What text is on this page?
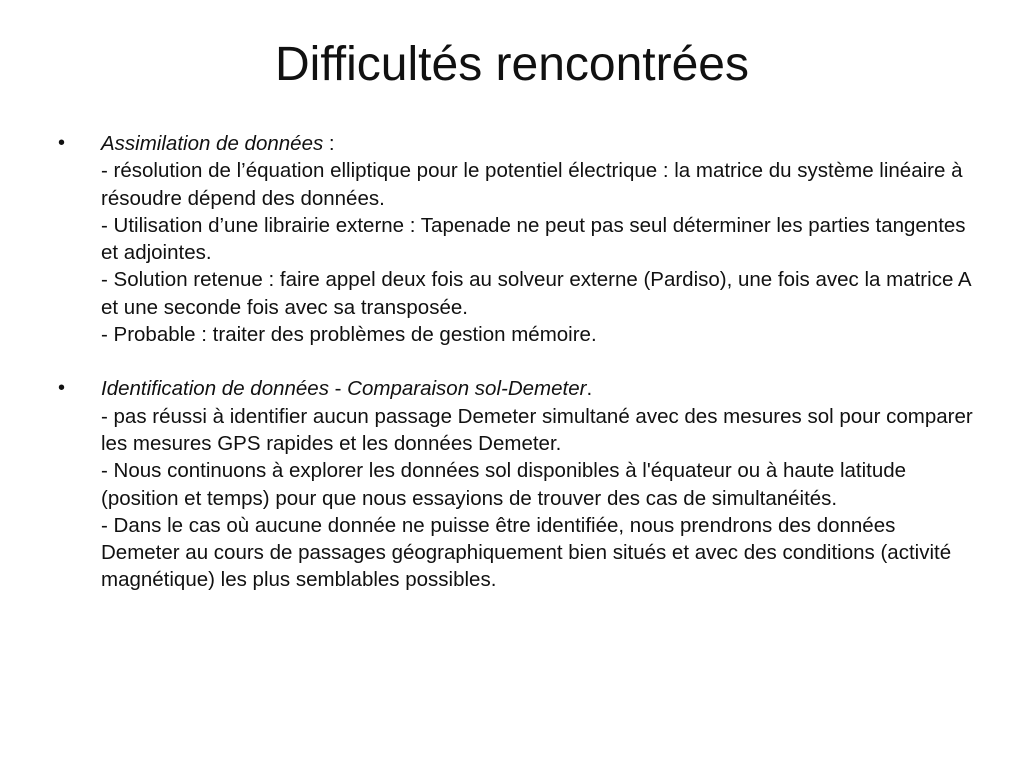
Difficultés rencontrées
•	Assimilation de données :

- résolution de l’équation elliptique pour le potentiel électrique : la matrice du système linéaire à résoudre dépend des données.

- Utilisation d’une librairie externe : Tapenade ne peut pas seul déterminer les parties tangentes et adjointes.

- Solution retenue : faire appel deux fois au solveur externe (Pardiso), une fois avec la matrice A et une seconde fois avec sa transposée.

- Probable : traiter des problèmes de gestion mémoire.

•	Identification de données - Comparaison sol-Demeter.

- pas réussi à identifier aucun passage Demeter simultané avec des mesures sol pour comparer les mesures GPS rapides et les données Demeter.

- Nous continuons à explorer les données sol disponibles à l'équateur ou à haute latitude (position et temps) pour que nous essayions de trouver des cas de simultanéités.

- Dans le cas où aucune donnée ne puisse être identifiée, nous prendrons des données Demeter au cours de passages géographiquement bien situés et avec des conditions (activité magnétique) les plus semblables possibles.
